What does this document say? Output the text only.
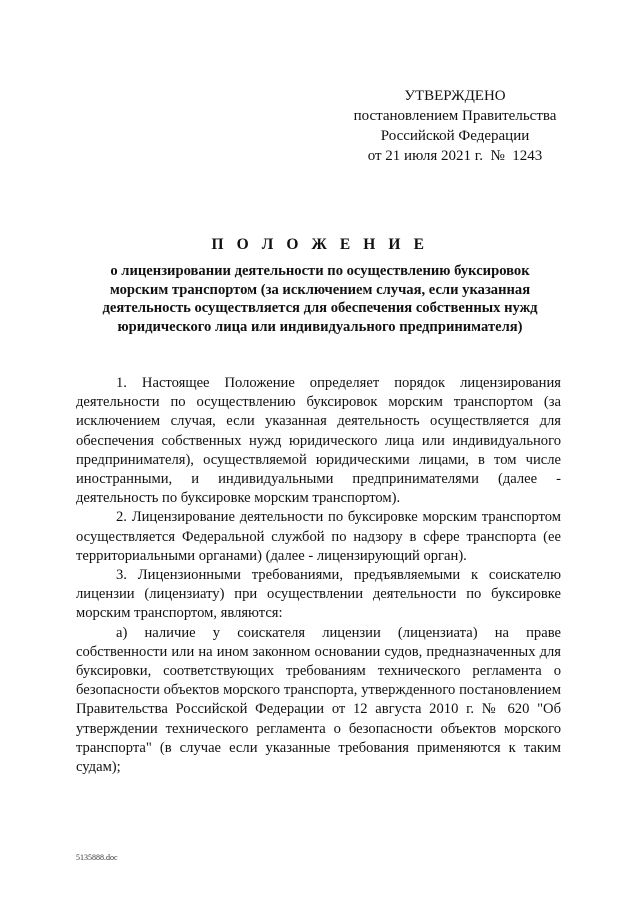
УТВЕРЖДЕНО
постановлением Правительства
Российской Федерации
от 21 июля 2021 г.  №  1243
П О Л О Ж Е Н И Е
о лицензировании деятельности по осуществлению буксировок
морским транспортом (за исключением случая, если указанная
деятельность осуществляется для обеспечения собственных нужд
юридического лица или индивидуального предпринимателя)

1. Настоящее Положение определяет порядок лицензирования деятельности по осуществлению буксировок морским транспортом (за исключением случая, если указанная деятельность осуществляется для обеспечения собственных нужд юридического лица или индивидуального предпринимателя), осуществляемой юридическими лицами, в том числе иностранными, и индивидуальными предпринимателями (далее - деятельность по буксировке морским транспортом).

2. Лицензирование деятельности по буксировке морским транспортом осуществляется Федеральной службой по надзору в сфере транспорта (ее территориальными органами) (далее - лицензирующий орган).

3. Лицензионными требованиями, предъявляемыми к соискателю лицензии (лицензиату) при осуществлении деятельности по буксировке морским транспортом, являются:

а) наличие у соискателя лицензии (лицензиата) на праве собственности или на ином законном основании судов, предназначенных для буксировки, соответствующих требованиям технического регламента о безопасности объектов морского транспорта, утвержденного постановлением Правительства Российской Федерации от 12 августа 2010 г. № 620 "Об утверждении технического регламента о безопасности объектов морского транспорта" (в случае если указанные требования применяются к таким судам);

5135888.doc
